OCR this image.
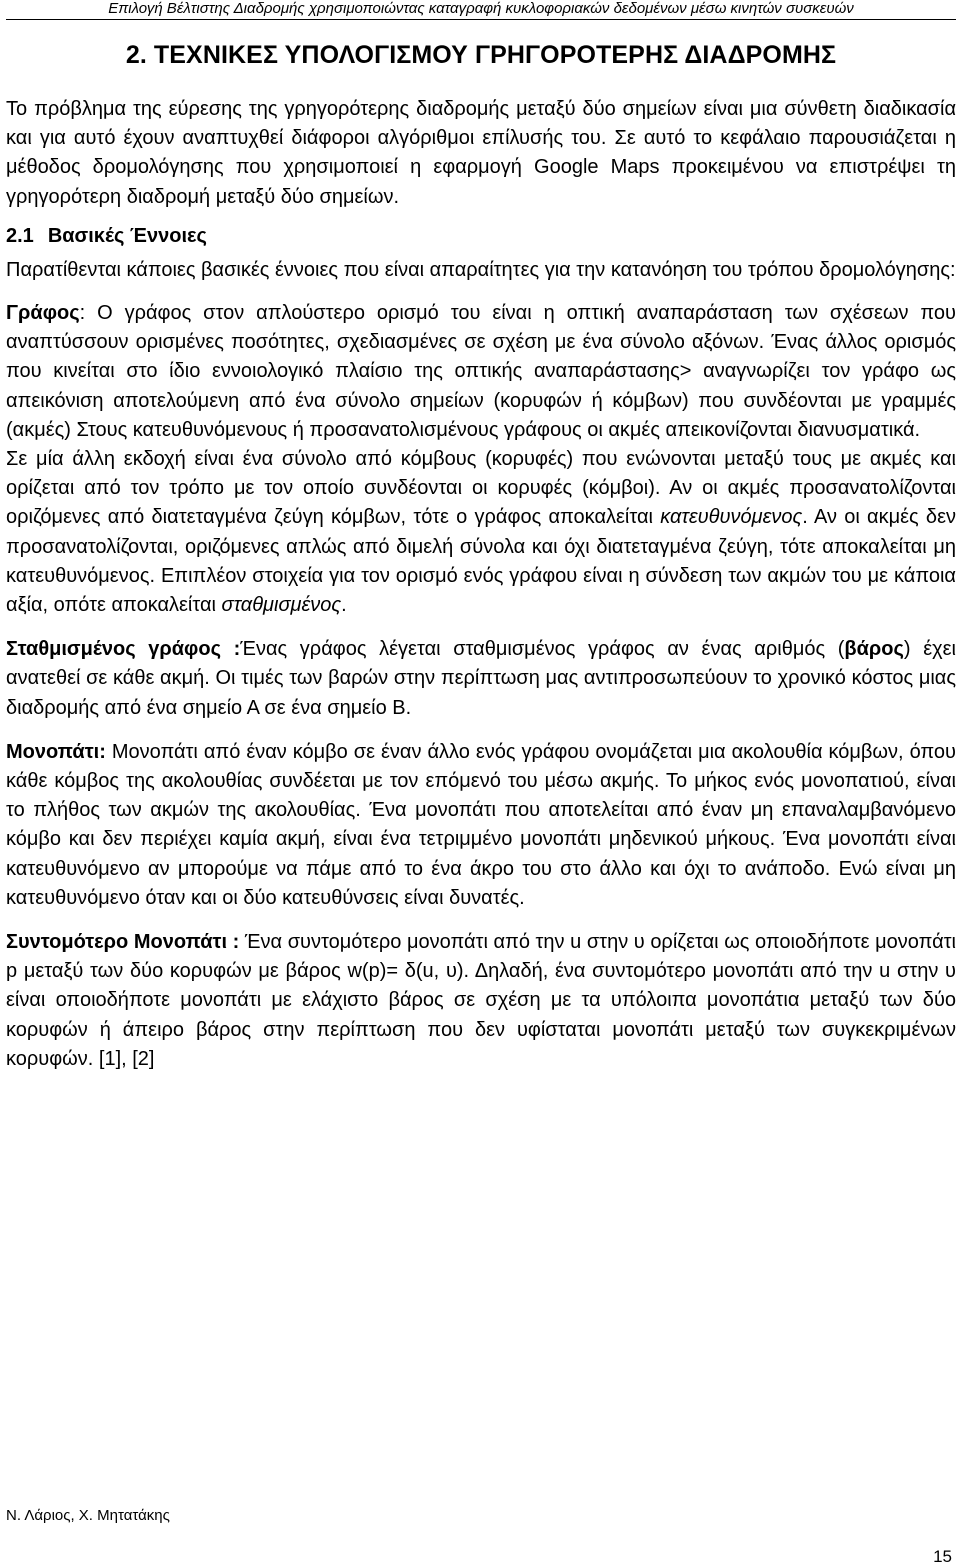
Επιλογή Βέλτιστης Διαδρομής χρησιμοποιώντας καταγραφή κυκλοφοριακών δεδομένων μέσω κινητών συσκευών
2. ΤΕΧΝΙΚΕΣ ΥΠΟΛΟΓΙΣΜΟΥ ΓΡΗΓΟΡΟΤΕΡΗΣ ΔΙΑΔΡΟΜΗΣ

Το πρόβλημα της εύρεσης της γρηγορότερης διαδρομής μεταξύ δύο σημείων είναι μια σύνθετη διαδικασία και για αυτό έχουν αναπτυχθεί διάφοροι αλγόριθμοι επίλυσής του. Σε αυτό το κεφάλαιο παρουσιάζεται η μέθοδος δρομολόγησης που χρησιμοποιεί η εφαρμογή Google Maps προκειμένου να επιστρέψει τη γρηγορότερη διαδρομή μεταξύ δύο σημείων.

2.1 Βασικές Έννοιες

Παρατίθενται κάποιες βασικές έννοιες που είναι απαραίτητες για την κατανόηση του τρόπου δρομολόγησης:

Γράφος: Ο γράφος στον απλούστερο ορισμό του είναι η οπτική αναπαράσταση των σχέσεων που αναπτύσσουν ορισμένες ποσότητες, σχεδιασμένες σε σχέση με ένα σύνολο αξόνων. Ένας άλλος ορισμός που κινείται στο ίδιο εννοιολογικό πλαίσιο της οπτικής αναπαράστασης> αναγνωρίζει τον γράφο ως απεικόνιση αποτελούμενη από ένα σύνολο σημείων (κορυφών ή κόμβων) που συνδέονται με γραμμές (ακμές) Στους κατευθυνόμενους ή προσανατολισμένους γράφους οι ακμές απεικονίζονται διανυσματικά.

Σε μία άλλη εκδοχή είναι ένα σύνολο από κόμβους (κορυφές) που ενώνονται μεταξύ τους με ακμές και ορίζεται από τον τρόπο με τον οποίο συνδέονται οι κορυφές (κόμβοι). Αν οι ακμές προσανατολίζονται οριζόμενες από διατεταγμένα ζεύγη κόμβων, τότε ο γράφος αποκαλείται κατευθυνόμενος. Αν οι ακμές δεν προσανατολίζονται, οριζόμενες απλώς από διμελή σύνολα και όχι διατεταγμένα ζεύγη, τότε αποκαλείται μη κατευθυνόμενος. Επιπλέον στοιχεία για τον ορισμό ενός γράφου είναι η σύνδεση των ακμών του με κάποια αξία, οπότε αποκαλείται σταθμισμένος.

Σταθμισμένος γράφος :Ένας γράφος λέγεται σταθμισμένος γράφος αν ένας αριθμός (βάρος) έχει ανατεθεί σε κάθε ακμή. Οι τιμές των βαρών στην περίπτωση μας αντιπροσωπεύουν το χρονικό κόστος μιας διαδρομής από ένα σημείο Α σε ένα σημείο Β.

Μονοπάτι: Μονοπάτι από έναν κόμβο σε έναν άλλο ενός γράφου ονομάζεται μια ακολουθία κόμβων, όπου κάθε κόμβος της ακολουθίας συνδέεται με τον επόμενό του μέσω ακμής. Το μήκος ενός μονοπατιού, είναι το πλήθος των ακμών της ακολουθίας. Ένα μονοπάτι που αποτελείται από έναν μη επαναλαμβανόμενο κόμβο και δεν περιέχει καμία ακμή, είναι ένα τετριμμένο μονοπάτι μηδενικού μήκους. Ένα μονοπάτι είναι κατευθυνόμενο αν μπορούμε να πάμε από το ένα άκρο του στο άλλο και όχι το ανάποδο. Ενώ είναι μη κατευθυνόμενο όταν και οι δύο κατευθύνσεις είναι δυνατές.

Συντομότερο Μονοπάτι : Ένα συντομότερο μονοπάτι από την u στην υ ορίζεται ως οποιοδήποτε μονοπάτι p μεταξύ των δύο κορυφών με βάρος w(p)= δ(u, υ). Δηλαδή, ένα συντομότερο μονοπάτι από την u στην υ είναι οποιοδήποτε μονοπάτι με ελάχιστο βάρος σε σχέση με τα υπόλοιπα μονοπάτια μεταξύ των δύο κορυφών ή άπειρο βάρος στην περίπτωση που δεν υφίσταται μονοπάτι μεταξύ των συγκεκριμένων κορυφών. [1], [2]

Ν. Λάριος, Χ. Μητατάκης
15
